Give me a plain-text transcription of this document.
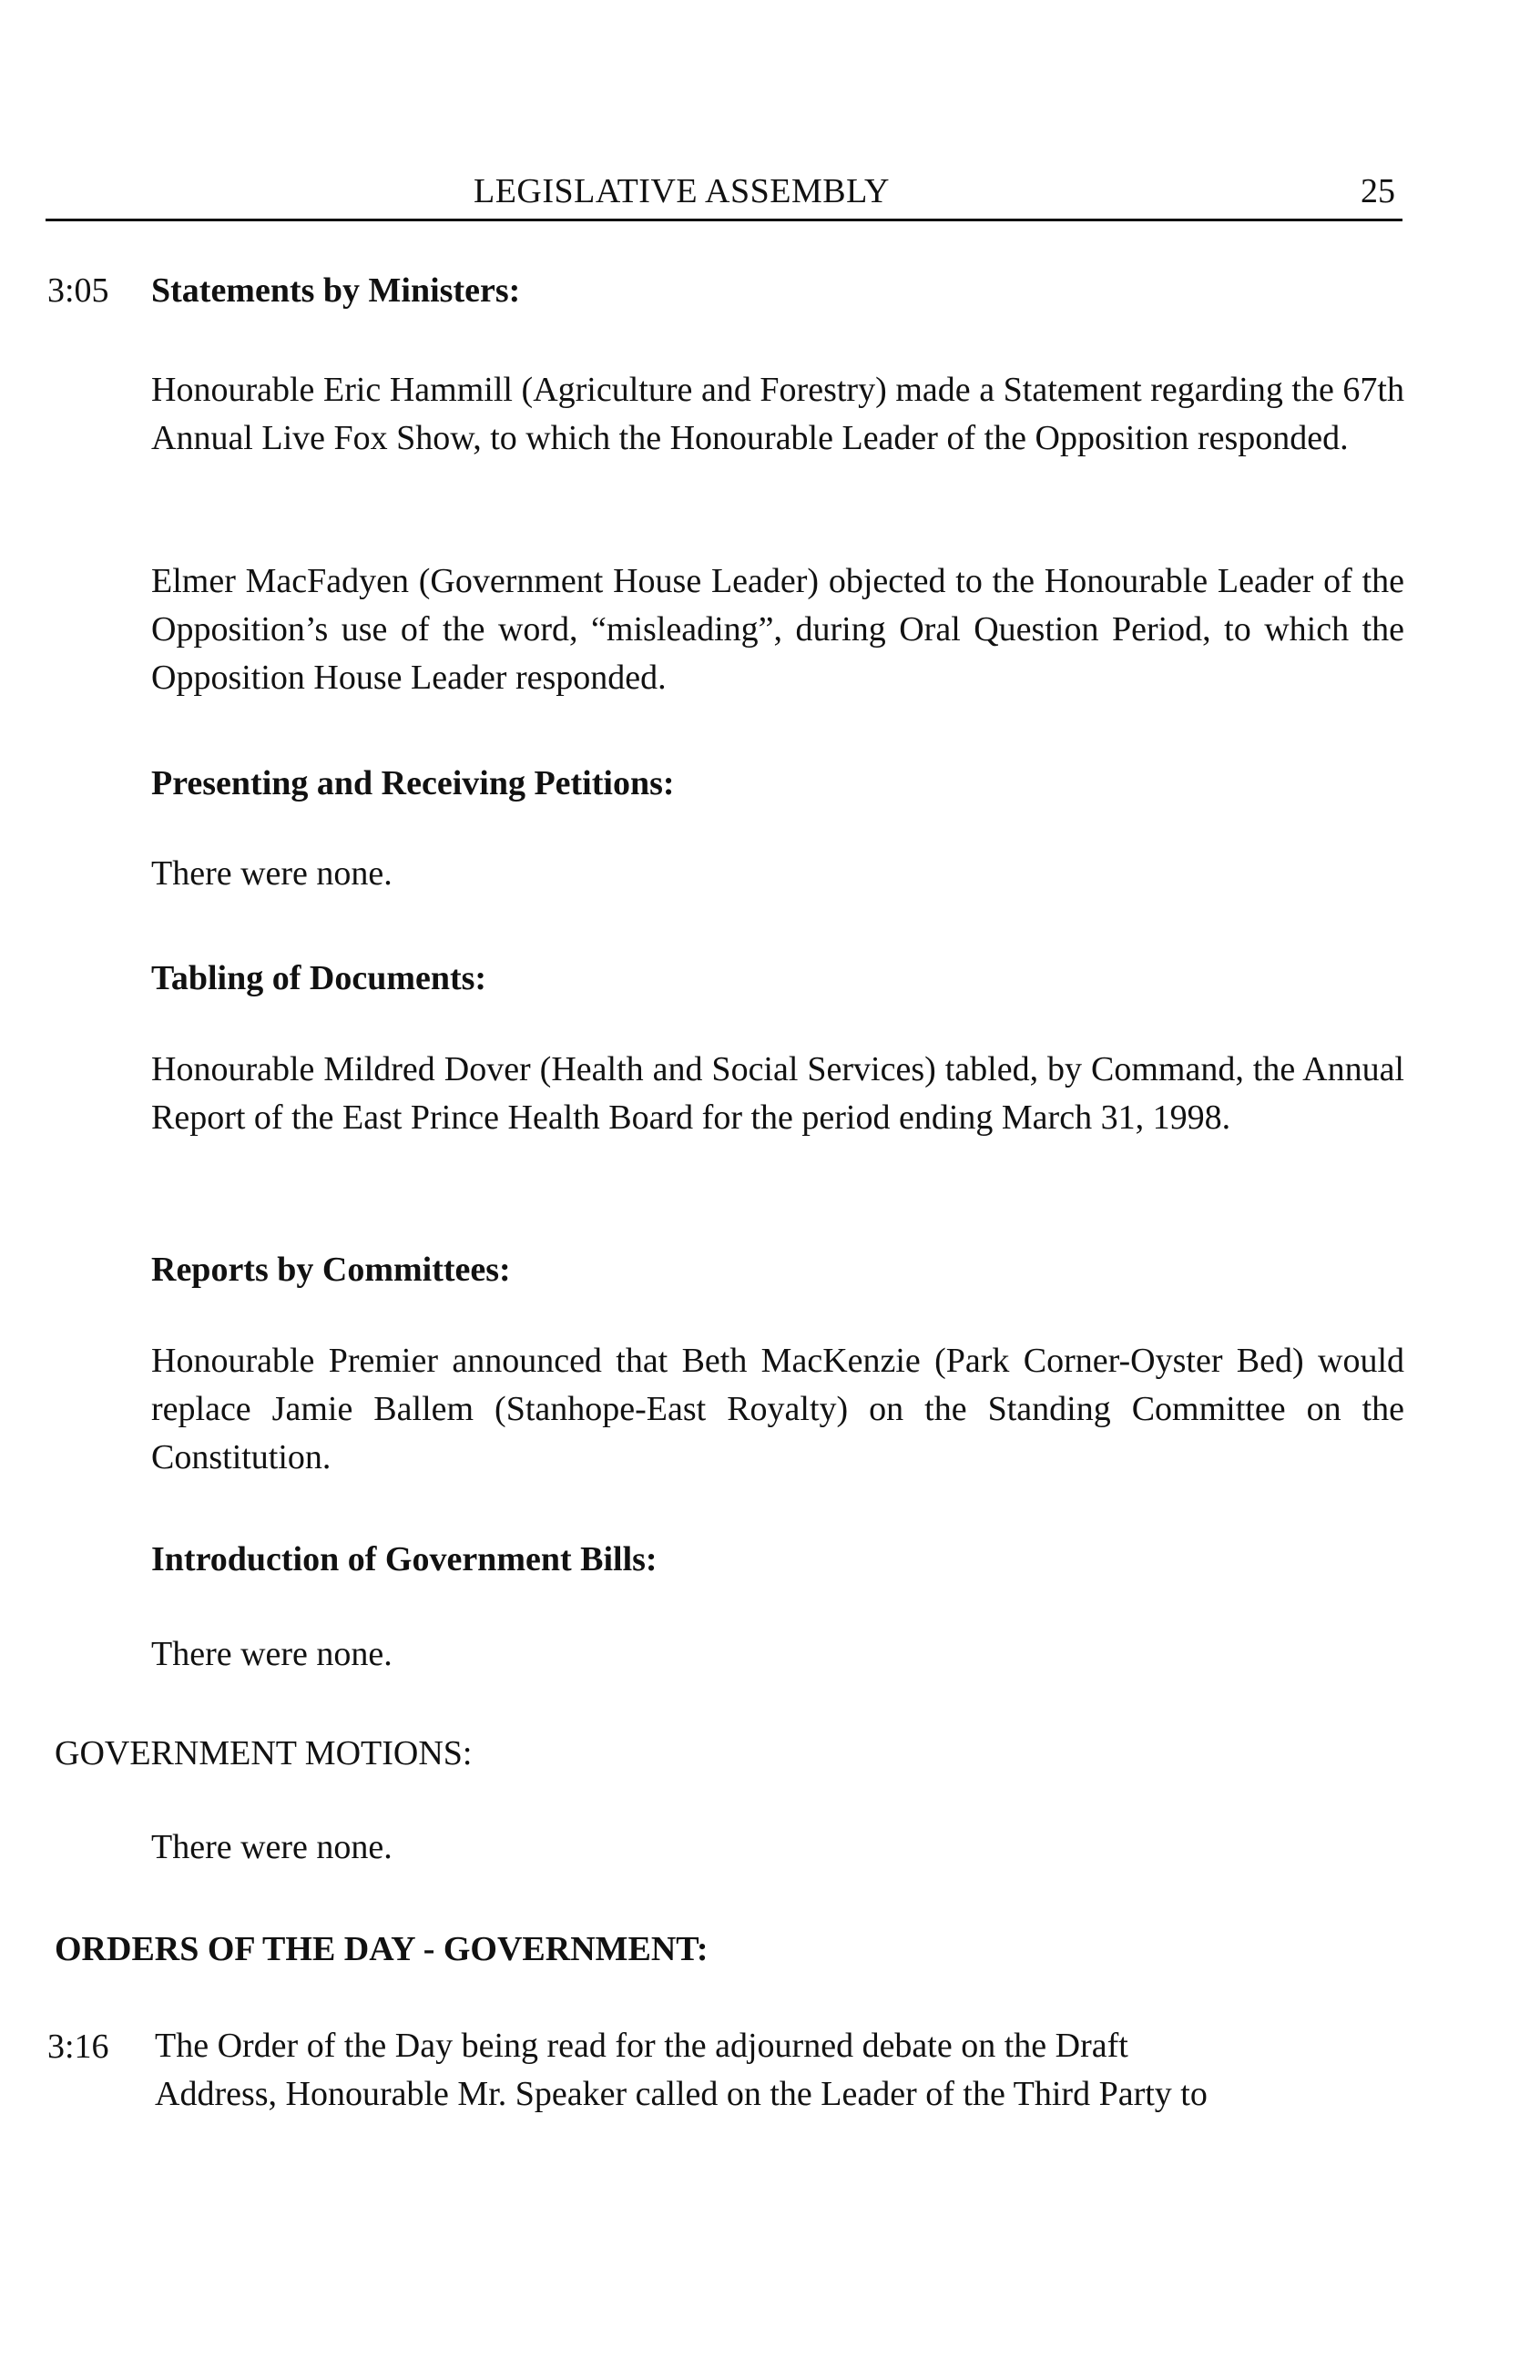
LEGISLATIVE ASSEMBLY	25
3:05 Statements by Ministers:

Honourable Eric Hammill (Agriculture and Forestry) made a Statement regarding the 67th Annual Live Fox Show, to which the Honourable Leader of the Opposition responded.

Elmer MacFadyen (Government House Leader) objected to the Honourable Leader of the Opposition’s use of the word, “misleading”, during Oral Question Period, to which the Opposition House Leader responded.

Presenting and Receiving Petitions:

There were none.

Tabling of Documents:

Honourable Mildred Dover (Health and Social Services) tabled, by Command, the Annual Report of the East Prince Health Board for the period ending March 31, 1998.

Reports by Committees:

Honourable Premier announced that Beth MacKenzie (Park Corner-Oyster Bed) would replace Jamie Ballem (Stanhope-East Royalty) on the Standing Committee on the Constitution.

Introduction of Government Bills:

There were none.

GOVERNMENT MOTIONS:

There were none.

ORDERS OF THE DAY - GOVERNMENT:
3:16 The Order of the Day being read for the adjourned debate on the Draft

Address, Honourable Mr. Speaker called on the Leader of the Third Party to
